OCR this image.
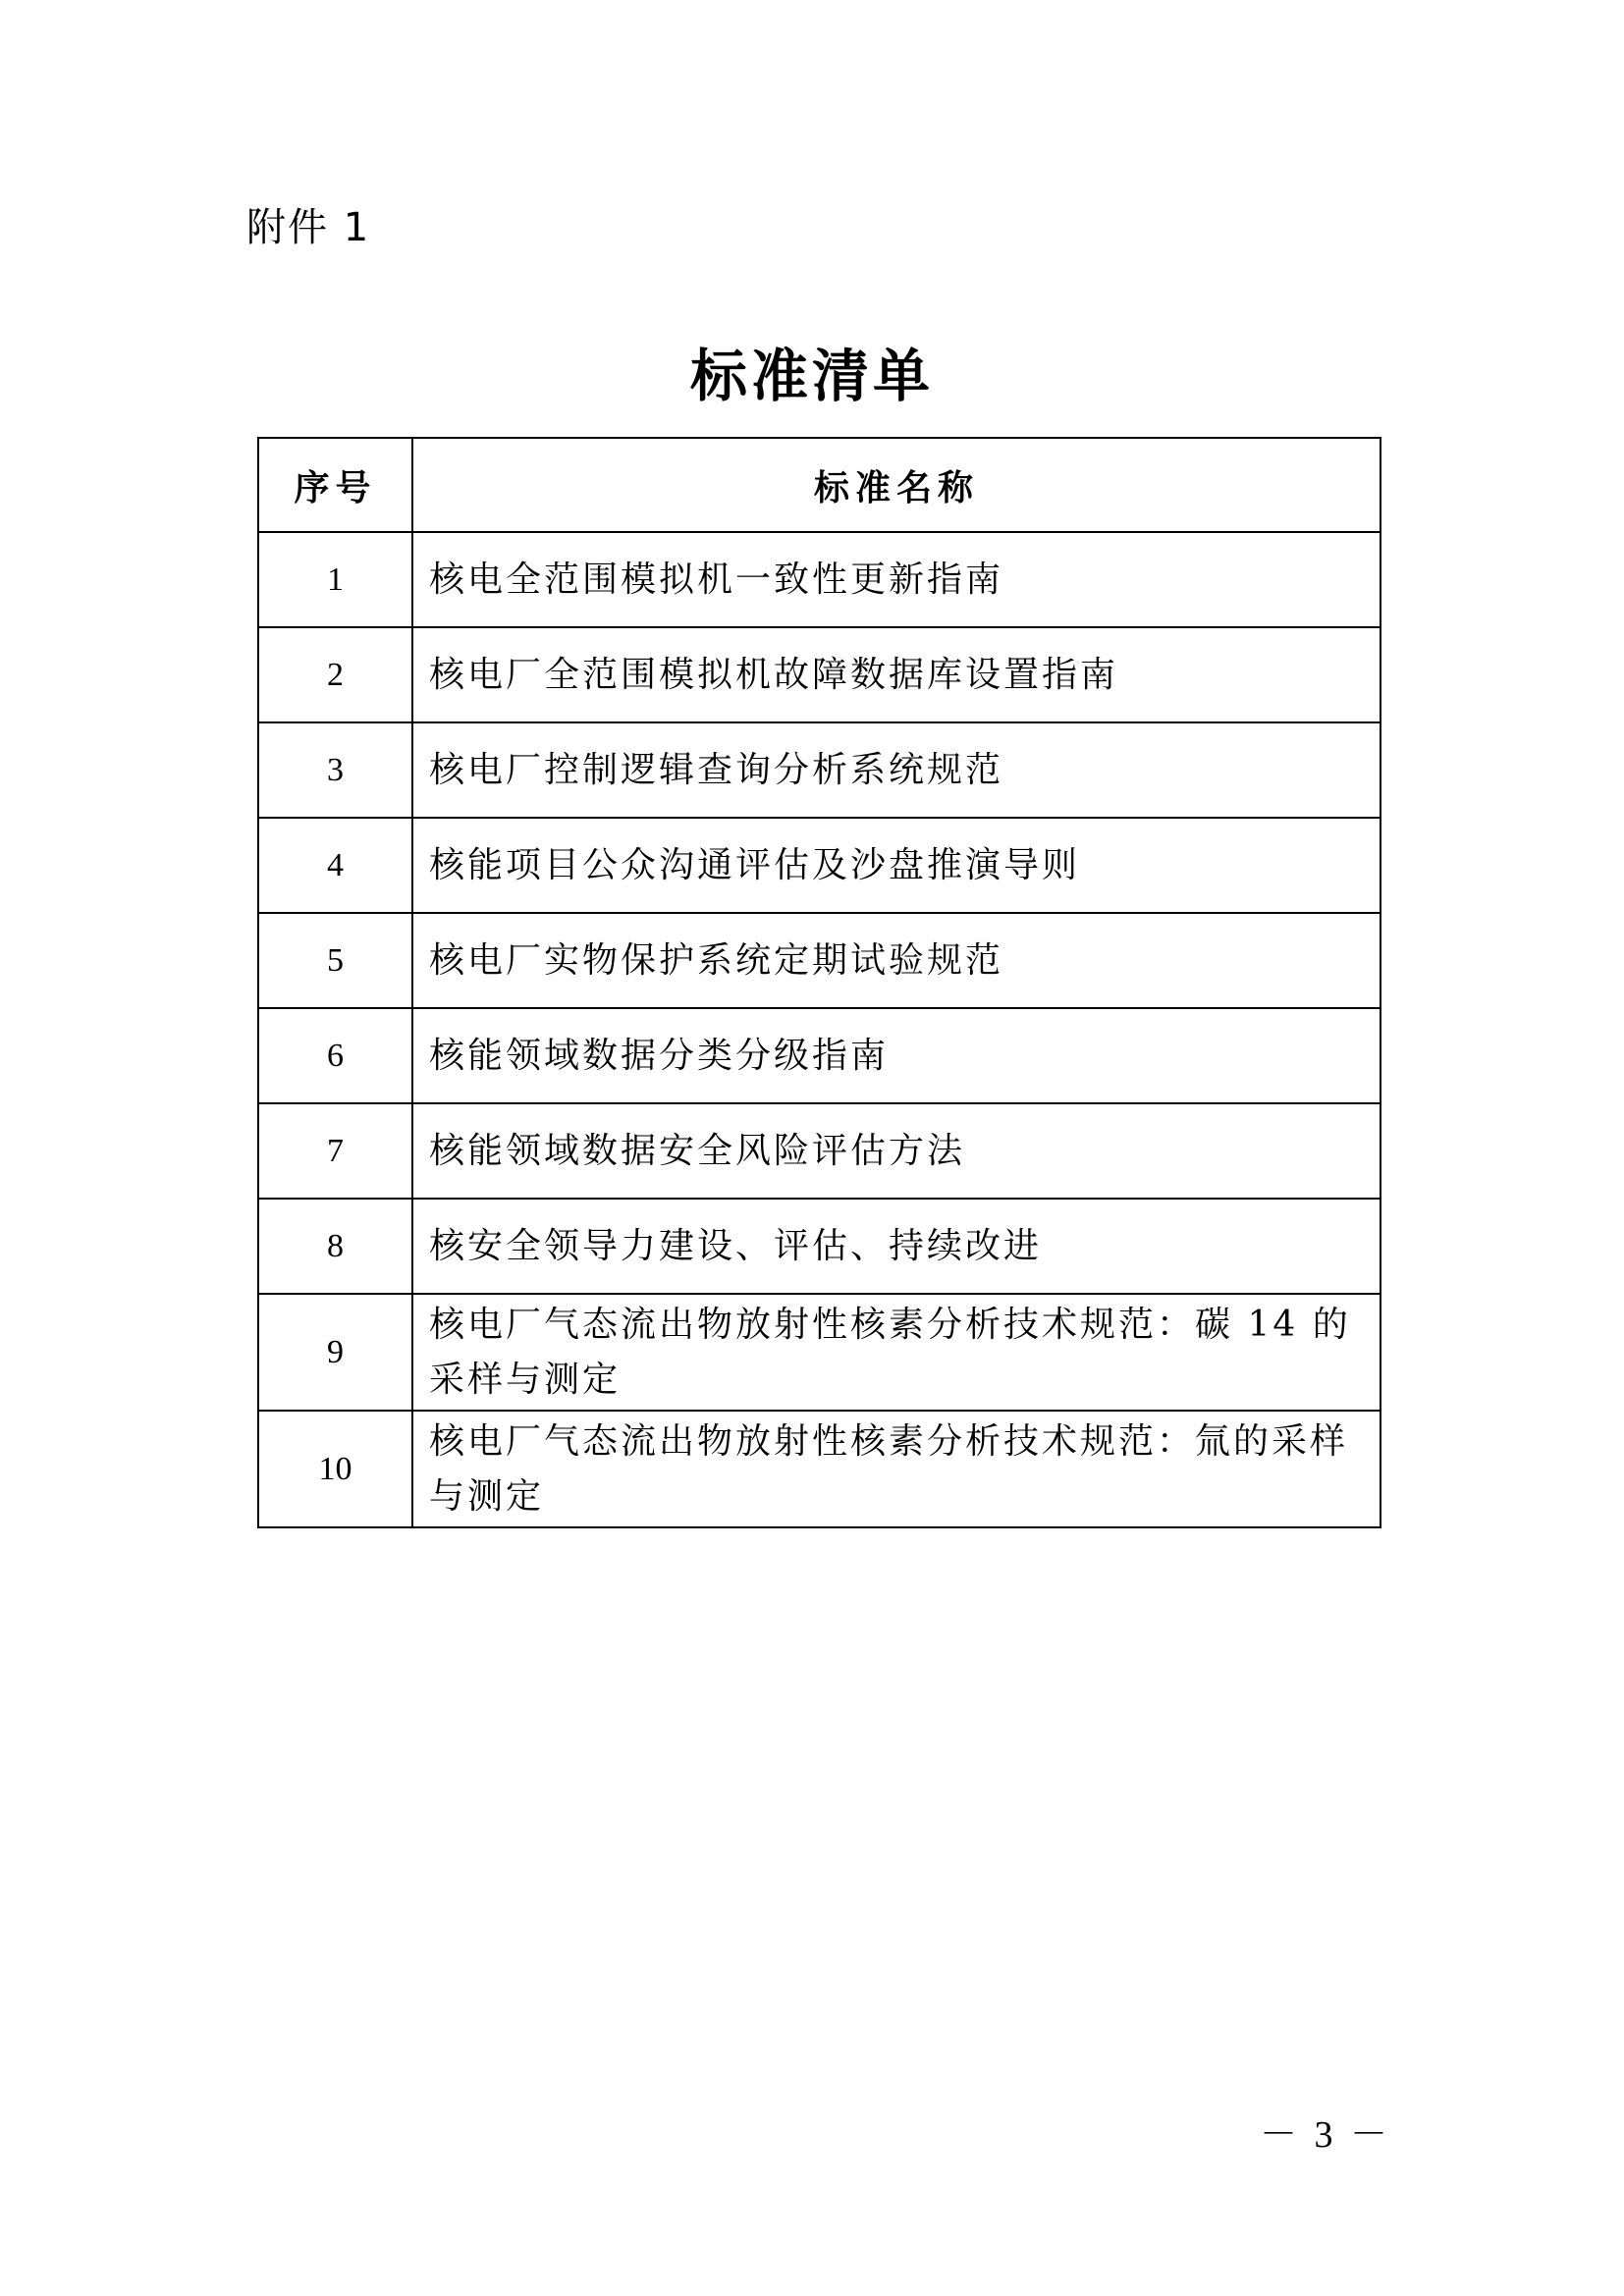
附件 1
标准清单
序号	标准名称
1	核电全范围模拟机一致性更新指南
2	核电厂全范围模拟机故障数据库设置指南
3	核电厂控制逻辑查询分析系统规范
4	核能项目公众沟通评估及沙盘推演导则
5	核电厂实物保护系统定期试验规范
6	核能领域数据分类分级指南
7	核能领域数据安全风险评估方法
8	核安全领导力建设、评估、持续改进
9	核电厂气态流出物放射性核素分析技术规范：碳 14 的采样与测定
10	核电厂气态流出物放射性核素分析技术规范：氚的采样与测定
－ 3 －
